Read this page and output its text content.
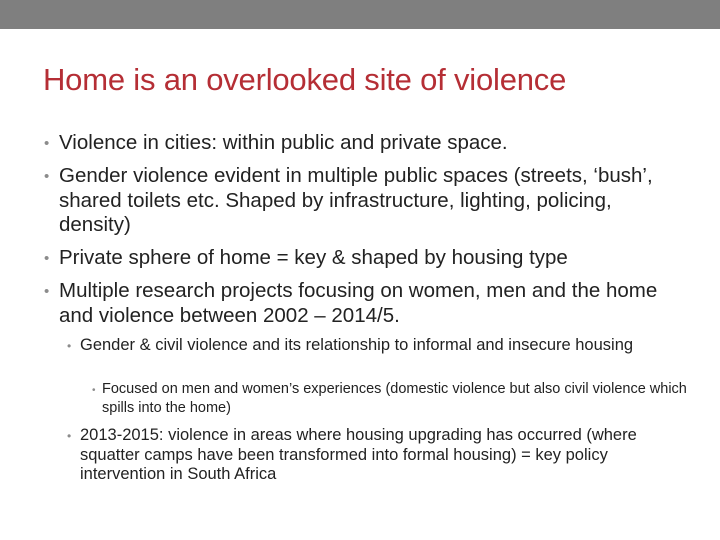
Home is an overlooked site of violence
• Violence in cities: within public and private space.
• Gender violence evident in multiple public spaces (streets, ‘bush’, shared toilets etc. Shaped by infrastructure, lighting, policing, density)
• Private sphere of home = key & shaped by housing type
• Multiple research projects focusing on women, men and the home and violence between 2002 – 2014/5.
• Gender & civil violence and its relationship to informal and insecure housing
• Focused on men and women’s experiences (domestic violence but also civil violence which spills into the home)
• 2013-2015: violence in areas where housing upgrading has occurred (where squatter camps have been transformed into formal housing) = key policy intervention in South Africa
